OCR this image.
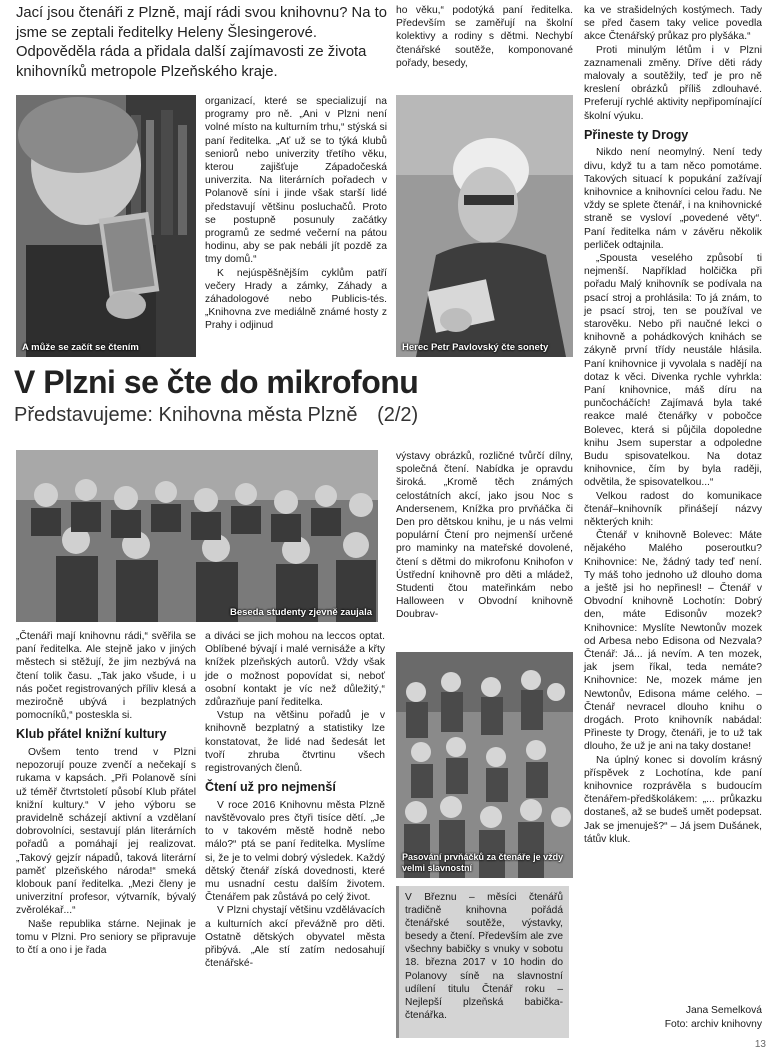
Jací jsou čtenáři z Plzně, mají rádi svou knihovnu? Na to jsme se zeptali ředitelky Heleny Šlesingerové. Odpověděla ráda a přidala další zajímavosti ze života knihovníků metropole Plzeňského kraje.

ho věku,“ podotýká paní ředitelka. Především se zaměřují na školní kolektivy a rodiny s dětmi. Nechybí čtenářské soutěže, komponované pořady, besedy,

ka ve strašidelných kostýmech. Tady se před časem taky velice povedla akce Čtenářský průkaz pro plyšáka.“

Proti minulým létům i v Plzni zaznamenali změny. Dříve děti rády malovaly a soutěžily, teď je pro ně kreslení obrázků příliš zdlouhavé. Preferují rychlé aktivity nepřipomínající školní výuku.

Přineste ty Drogy

Nikdo není neomylný. Není tedy divu, když tu a tam něco pomotáme. Takových situací k popukání zažívají knihovnice a knihovníci celou řadu. Ne vždy se splete čtenář, i na knihovnické straně se vysloví „povedené věty“. Paní ředitelka nám v závěru několik perliček odtajnila.

„Spousta veselého způsobí ti nejmenší. Například holčička při pořadu Malý knihovník se podívala na psací stroj a prohlásila: To já znám, to je psací stroj, ten se používal ve starověku. Nebo při naučné lekci o knihovně a pohádkových knihách se zákyně první třídy neustále hlásila. Paní knihovnice ji vyvolala s nadějí na dotaz k věci. Divenka rychle vyhrkla: Paní knihovnice, máš díru na punčocháčích! Zajímavá byla také reakce malé čtenářky v pobočce Bolevec, která si půjčila dopoledne knihu Jsem superstar a odpoledne Budu spisovatelkou. Na dotaz knihovnice, čím by byla raději, odvětila, že spisovatelkou...“

Velkou radost do komunikace čtenář–knihovník přinášejí názvy některých knih:

Čtenář v knihovně Bolevec: Máte nějakého Malého poseroutku? Knihovnice: Ne, žádný tady teď není. Ty máš toho jednoho už dlouho doma a ještě jsi ho nepřinesl! – Čtenář v Obvodní knihovně Lochotín: Dobrý den, máte Edisonův mozek? Knihovnice: Myslíte Newtonův mozek od Arbesa nebo Edisona od Nezvala? Čtenář: Já... já nevím. A ten mozek, jak jsem říkal, teda nemáte? Knihovnice: Ne, mozek máme jen Newtonův, Edisona máme celého. – Čtenář nevracel dlouho knihu o drogách. Proto knihovník nabádal: Přineste ty Drogy, čtenáři, je to už tak dlouho, že už je ani na taky dostane!

Na úplný konec si dovolím krásný příspěvek z Lochotína, kde paní knihovnice rozprávěla s budoucím čtenářem-předškolákem: „... průkazku dostaneš, až se budeš umět podepsat. Jak se jmenuješ?“ – Já jsem Dušánek, tátův kluk.

A může se začít se čtením

organizací, které se specializují na programy pro ně. „Ani v Plzni není volné místo na kulturním trhu,“ stýská si paní ředitelka. „Ať už se to týká klubů seniorů nebo univerzity třetího věku, kterou zajišťuje Západočeská univerzita. Na literárních pořadech v Polanově síni i jinde však starší lidé představují většinu posluchačů. Proto se postupně posunuly začátky programů ze sedmé večerní na pátou hodinu, aby se pak nebáli jít pozdě za tmy domů.“

K nejúspěšnějším cyklům patří večery Hrady a zámky, Záhady a záhadologové nebo Publicis-tés. „Knihovna zve mediálně známé hosty z Prahy i odjinud

Herec Petr Pavlovský čte sonety
V Plzni se čte do mikrofonu
Představujeme: Knihovna města Plzně (2/2)
Beseda studenty zjevně zaujala

výstavy obrázků, rozličné tvůrčí dílny, společná čtení. Nabídka je opravdu široká. „Kromě těch známých celostátních akcí, jako jsou Noc s Andersenem, Knížka pro prvňáčka či Den pro dětskou knihu, je u nás velmi populární Čtení pro nejmenší určené pro maminky na mateřské dovolené, čtení s dětmi do mikrofonu Knihofon v Ústřední knihovně pro děti a mládež, Studenti čtou mateřinkám nebo Halloween v Obvodní knihovně Doubrav-

„Čtenáři mají knihovnu rádi,“ svěřila se paní ředitelka. Ale stejně jako v jiných městech si stěžují, že jim nezbývá na čtení tolik času. „Tak jako všude, i u nás počet registrovaných příliv klesá a meziročně ubývá i bezplatných pomocníků,“ posteskla si.

Klub přátel knižní kultury

Ovšem tento trend v Plzni nepozorují pouze zvenčí a nečekají s rukama v kapsách. „Při Polanově síni už téměř čtvrtstoletí působí Klub přátel knižní kultury.“ V jeho výboru se pravidelně scházejí aktivní a vzdělaní dobrovolníci, sestavují plán literárních pořadů a pomáhají jej realizovat. „Takový gejzír nápadů, taková literární paměť plzeňského národa!“ smeká klobouk paní ředitelka. „Mezi členy je univerzitní profesor, výtvarník, bývalý zvěrolékař...“

Naše republika stárne. Nejinak je tomu v Plzni. Pro seniory se připravuje to čtí a ono i je řada

a diváci se jich mohou na leccos optat. Oblíbené bývají i malé vernisáže a křty knížek plzeňských autorů. Vždy však jde o možnost popovídat si, neboť osobní kontakt je víc než důležitý,“ zdůrazňuje paní ředitelka.

Vstup na většinu pořadů je v knihovně bezplatný a statistiky lze konstatovat, že lidé nad šedesát let tvoří zhruba čtvrtinu všech registrovaných členů.

Čtení už pro nejmenší

V roce 2016 Knihovnu města Plzně navštěvovalo pres čtyři tisíce dětí. „Je to v takovém městě hodně nebo málo?“ ptá se paní ředitelka. Myslíme si, že je to velmi dobrý výsledek. Každý dětský čtenář získá dovednosti, které mu usnadní cestu dalším životem. Čtenářem pak zůstává po celý život.

V Plzni chystají většinu vzdělávacích a kulturních akcí převážně pro děti. Ostatně dětských obyvatel města přibývá. „Ale stí zatím nedosahují čtenářské-

Pasování prvňáčků za čtenáře je vždy velmi slavnostní

V Březnu – měsíci čtenářů tradičně knihovna pořádá čtenářské soutěže, výstavky, besedy a čtení. Především ale zve všechny babičky s vnuky v sobotu 18. března 2017 v 10 hodin do Polanovy síně na slavnostní udílení titulu Čtenář roku – Nejlepší plzeňská babička-čtenářka.	Jana Semelková
Foto: archiv knihovny
13
